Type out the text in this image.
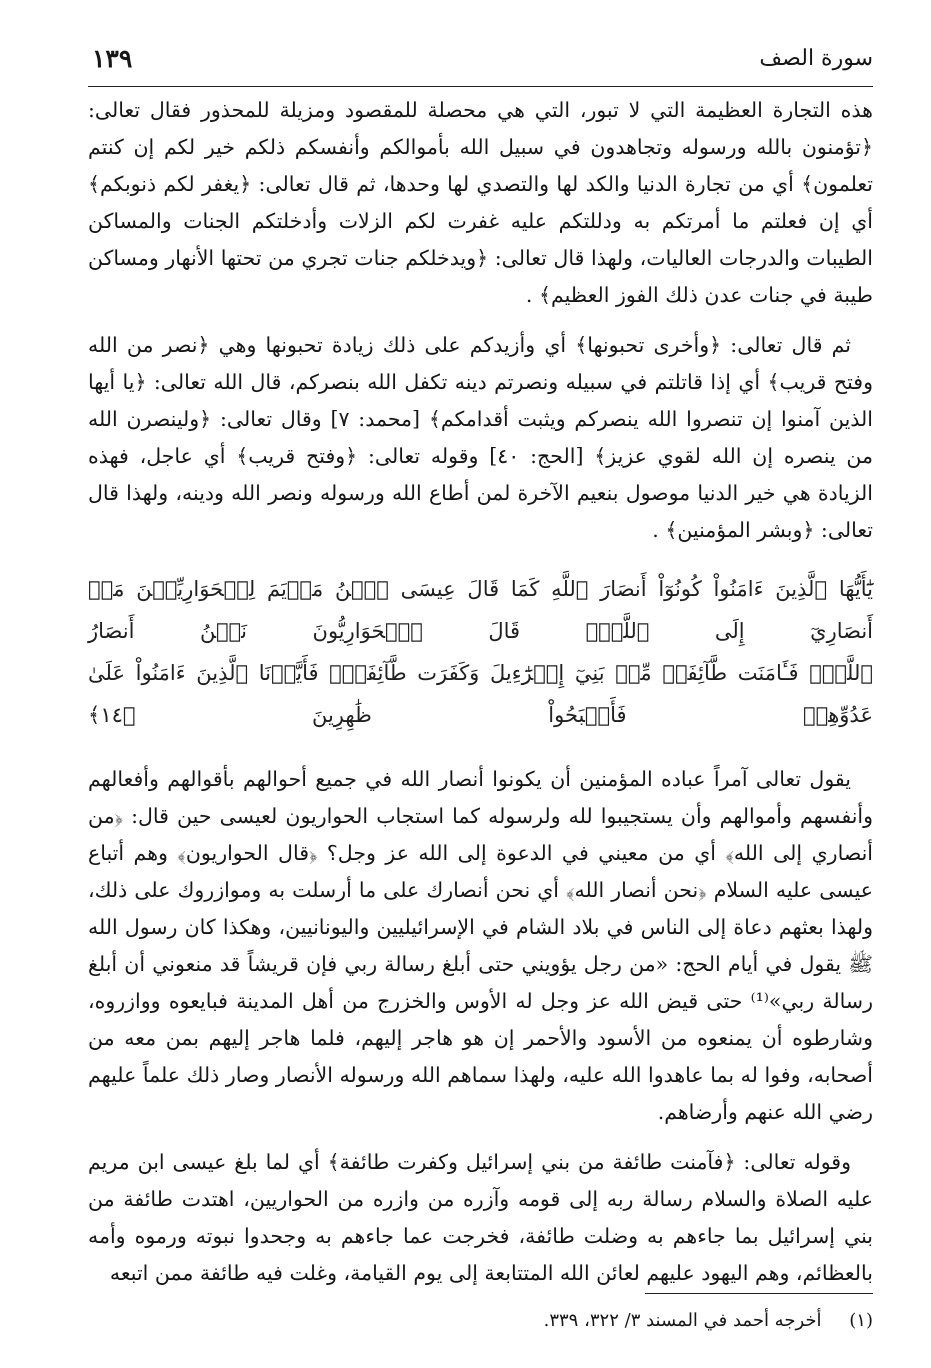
سورة الصف
١٣٩

هذه التجارة العظيمة التي لا تبور، التي هي محصلة للمقصود ومزيلة للمحذور فقال تعالى: ﴿تؤمنون بالله ورسوله وتجاهدون في سبيل الله بأموالكم وأنفسكم ذلكم خير لكم إن كنتم تعلمون﴾ أي من تجارة الدنيا والكد لها والتصدي لها وحدها، ثم قال تعالى: ﴿يغفر لكم ذنوبكم﴾ أي إن فعلتم ما أمرتكم به ودللتكم عليه غفرت لكم الزلات وأدخلتكم الجنات والمساكن الطيبات والدرجات العاليات، ولهذا قال تعالى: ﴿ويدخلكم جنات تجري من تحتها الأنهار ومساكن طيبة في جنات عدن ذلك الفوز العظيم﴾ .

ثم قال تعالى: ﴿وأخرى تحبونها﴾ أي وأزيدكم على ذلك زيادة تحبونها وهي ﴿نصر من الله وفتح قريب﴾ أي إذا قاتلتم في سبيله ونصرتم دينه تكفل الله بنصركم، قال الله تعالى: ﴿يا أيها الذين آمنوا إن تنصروا الله ينصركم ويثبت أقدامكم﴾ [محمد: ٧] وقال تعالى: ﴿ولينصرن الله من ينصره إن الله لقوي عزيز﴾ [الحج: ٤٠] وقوله تعالى: ﴿وفتح قريب﴾ أي عاجل، فهذه الزيادة هي خير الدنيا موصول بنعيم الآخرة لمن أطاع الله ورسوله ونصر الله ودينه، ولهذا قال تعالى: ﴿وبشر المؤمنين﴾ .

يَٰٓأَيُّهَا ٱلَّذِينَ ءَامَنُواْ كُونُوٓاْ أَنصَارَ ٱللَّهِ كَمَا قَالَ عِيسَى ٱبۡنُ مَرۡيَمَ لِلۡحَوَارِيِّـۧنَ مَنۡ أَنصَارِيٓ إِلَى ٱللَّهِۖ قَالَ ٱلۡحَوَارِيُّونَ نَحۡنُ أَنصَارُ
ٱللَّهِۖ فَـَٔامَنَت طَّآئِفَةٞ مِّنۢ بَنِيٓ إِسۡرَٰٓءِيلَ وَكَفَرَت طَّآئِفَةٞۖ فَأَيَّدۡنَا ٱلَّذِينَ ءَامَنُواْ عَلَىٰ عَدُوِّهِمۡ فَأَصۡبَحُواْ ظَٰهِرِينَ ﴿١٤﴾

يقول تعالى آمراً عباده المؤمنين أن يكونوا أنصار الله في جميع أحوالهم بأقوالهم وأفعالهم وأنفسهم وأموالهم وأن يستجيبوا لله ولرسوله كما استجاب الحواريون لعيسى حين قال: ﴿من أنصاري إلى الله﴾ أي من معيني في الدعوة إلى الله عز وجل؟ ﴿قال الحواريون﴾ وهم أتباع عيسى عليه السلام ﴿نحن أنصار الله﴾ أي نحن أنصارك على ما أرسلت به وموازروك على ذلك، ولهذا بعثهم دعاة إلى الناس في بلاد الشام في الإسرائيليين واليونانيين، وهكذا كان رسول الله ﷺ يقول في أيام الحج: «من رجل يؤويني حتى أبلغ رسالة ربي فإن قريشاً قد منعوني أن أبلغ رسالة ربي»⁽¹⁾ حتى قيض الله عز وجل له الأوس والخزرج من أهل المدينة فبايعوه ووازروه، وشارطوه أن يمنعوه من الأسود والأحمر إن هو هاجر إليهم، فلما هاجر إليهم بمن معه من أصحابه، وفوا له بما عاهدوا الله عليه، ولهذا سماهم الله ورسوله الأنصار وصار ذلك علماً عليهم رضي الله عنهم وأرضاهم.

وقوله تعالى: ﴿فآمنت طائفة من بني إسرائيل وكفرت طائفة﴾ أي لما بلغ عيسى ابن مريم عليه الصلاة والسلام رسالة ربه إلى قومه وآزره من وازره من الحواريين، اهتدت طائفة من بني إسرائيل بما جاءهم به وضلت طائفة، فخرجت عما جاءهم به وجحدوا نبوته ورموه وأمه بالعظائم، وهم اليهود عليهم لعائن الله المتتابعة إلى يوم القيامة، وغلت فيه طائفة ممن اتبعه

(١) أخرجه أحمد في المسند ٣/ ٣٢٢، ٣٣٩.
